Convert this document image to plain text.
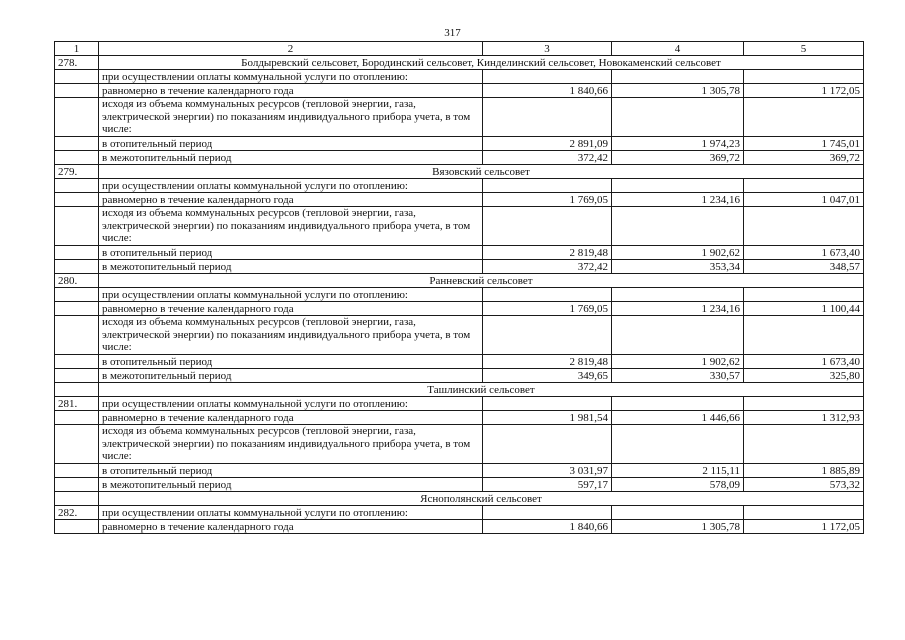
317
1	2	3	4	5
278.	Болдыревский сельсовет, Бородинский сельсовет, Кинделинский сельсовет, Новокаменский сельсовет			
	при осуществлении оплаты коммунальной услуги по отоплению:			
	равномерно в течение календарного года	1 840,66	1 305,78	1 172,05
	исходя из объема коммунальных ресурсов (тепловой энергии, газа, электрической энергии) по показаниям индивидуального прибора учета, в том числе:			
	в отопительный период	2 891,09	1 974,23	1 745,01
	в межотопительный период	372,42	369,72	369,72
279.	Вязовский сельсовет			
	при осуществлении оплаты коммунальной услуги по отоплению:			
	равномерно в течение календарного года	1 769,05	1 234,16	1 047,01
	исходя из объема коммунальных ресурсов (тепловой энергии, газа, электрической энергии) по показаниям индивидуального прибора учета, в том числе:			
	в отопительный период	2 819,48	1 902,62	1 673,40
	в межотопительный период	372,42	353,34	348,57
280.	Ранневский сельсовет			
	при осуществлении оплаты коммунальной услуги по отоплению:			
	равномерно в течение календарного года	1 769,05	1 234,16	1 100,44
	исходя из объема коммунальных ресурсов (тепловой энергии, газа, электрической энергии) по показаниям индивидуального прибора учета, в том числе:			
	в отопительный период	2 819,48	1 902,62	1 673,40
	в межотопительный период	349,65	330,57	325,80
	Ташлинский сельсовет			
281.	при осуществлении оплаты коммунальной услуги по отоплению:			
	равномерно в течение календарного года	1 981,54	1 446,66	1 312,93
	исходя из объема коммунальных ресурсов (тепловой энергии, газа, электрической энергии) по показаниям индивидуального прибора учета, в том числе:			
	в отопительный период	3 031,97	2 115,11	1 885,89
	в межотопительный период	597,17	578,09	573,32
	Яснополянский сельсовет			
282.	при осуществлении оплаты коммунальной услуги по отоплению:			
	равномерно в течение календарного года	1 840,66	1 305,78	1 172,05
